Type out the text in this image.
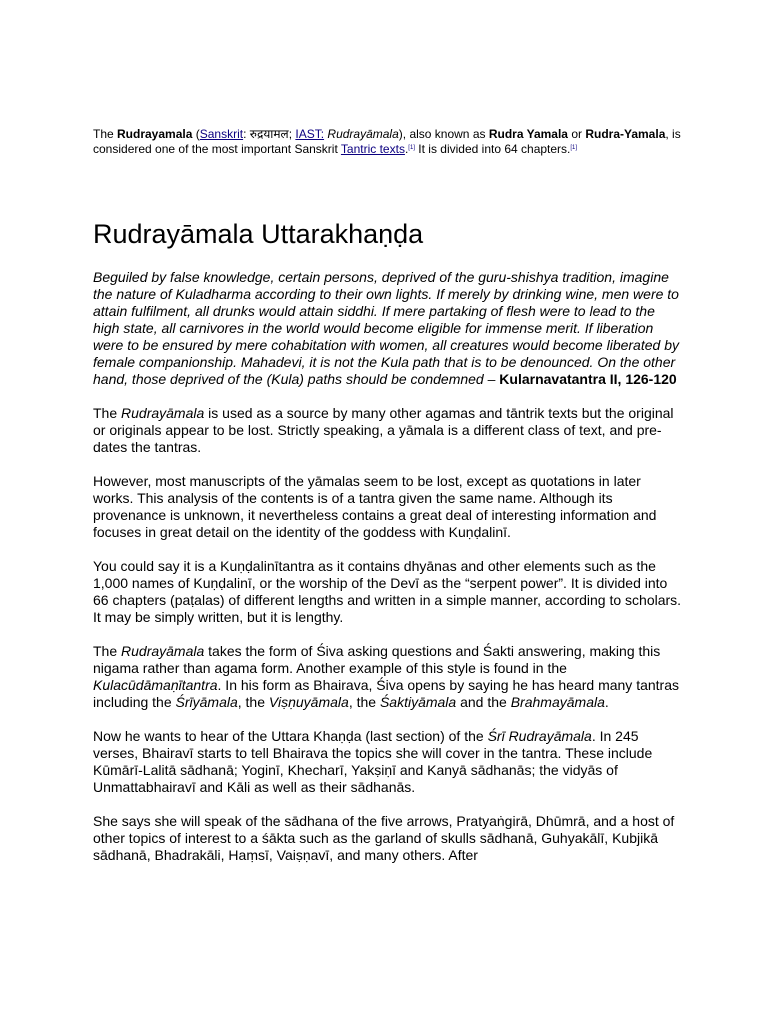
The Rudrayamala (Sanskrit: रुद्रयामल; IAST: Rudrayāmala), also known as Rudra Yamala or Rudra-Yamala, is considered one of the most important Sanskrit Tantric texts.[1] It is divided into 64 chapters.[1]
Rudrayāmala Uttarakhaṇḍa

Beguiled by false knowledge, certain persons, deprived of the guru-shishya tradition, imagine the nature of Kuladharma according to their own lights. If merely by drinking wine, men were to attain fulfilment, all drunks would attain siddhi. If mere partaking of flesh were to lead to the high state, all carnivores in the world would become eligible for immense merit. If liberation were to be ensured by mere cohabitation with women, all creatures would become liberated by female companionship. Mahadevi, it is not the Kula path that is to be denounced. On the other hand, those deprived of the (Kula) paths should be condemned – Kularnavatantra II, 126-120

The Rudrayāmala is used as a source by many other agamas and tāntrik texts but the original or originals appear to be lost. Strictly speaking, a yāmala is a different class of text, and pre-dates the tantras.

However, most manuscripts of the yāmalas seem to be lost, except as quotations in later works. This analysis of the contents is of a tantra given the same name. Although its provenance is unknown, it nevertheless contains a great deal of interesting information and focuses in great detail on the identity of the goddess with Kuṇḍalinī.

You could say it is a Kuṇḍalinītantra as it contains dhyānas and other elements such as the 1,000 names of Kuṇḍalinī, or the worship of the Devī as the “serpent power”. It is divided into 66 chapters (paṭalas) of different lengths and written in a simple manner, according to scholars. It may be simply written, but it is lengthy.

The Rudrayāmala takes the form of Śiva asking questions and Śakti answering, making this nigama rather than agama form. Another example of this style is found in the Kulacūdāmaṇītantra. In his form as Bhairava, Śiva opens by saying he has heard many tantras including the Śrīyāmala, the Viṣṇuyāmala, the Śaktiyāmala and the Brahmayāmala.

Now he wants to hear of the Uttara Khaṇḍa (last section) of the Śrī Rudrayāmala. In 245 verses, Bhairavī starts to tell Bhairava the topics she will cover in the tantra. These include Kūmārī-Lalitā sādhanā; Yoginī, Khecharī, Yakṣiṇī and Kanyā sādhanās; the vidyās of Unmattabhairavī and Kāli as well as their sādhanās.

She says she will speak of the sādhana of the five arrows, Pratyaṅgirā, Dhūmrā, and a host of other topics of interest to a śākta such as the garland of skulls sādhanā, Guhyakālī, Kubjikā sādhanā, Bhadrakāli, Haṃsī, Vaiṣṇavī, and many others. After
